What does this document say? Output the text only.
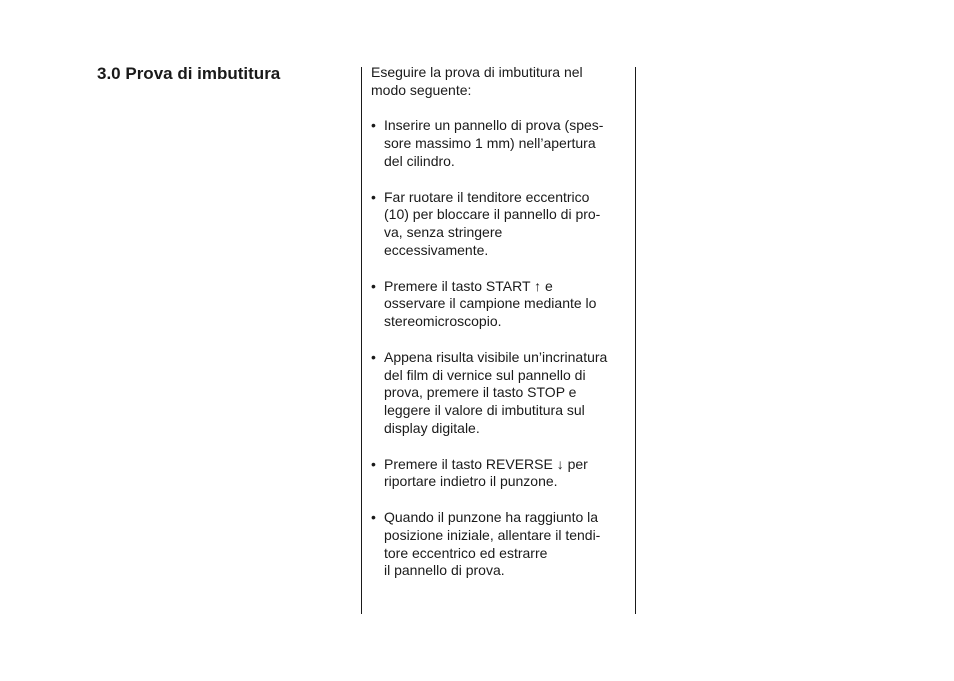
3.0 Prova di imbutitura	Eseguire la prova di imbutitura nel
modo seguente:

• Inserire un pannello di prova (spes-
sore massimo 1 mm) nell’apertura
del cilindro.
• Far ruotare il tenditore eccentrico
(10) per bloccare il pannello di pro-
va, senza stringere
eccessivamente.
• Premere il tasto START ↑ e
osservare il campione mediante lo
stereomicroscopio.
• Appena risulta visibile un’incrinatura
del film di vernice sul pannello di
prova, premere il tasto STOP e
leggere il valore di imbutitura sul
display digitale.
• Premere il tasto REVERSE ↓ per
riportare indietro il punzone.
• Quando il punzone ha raggiunto la
posizione iniziale, allentare il tendi-
tore eccentrico ed estrarre
il pannello di prova.
